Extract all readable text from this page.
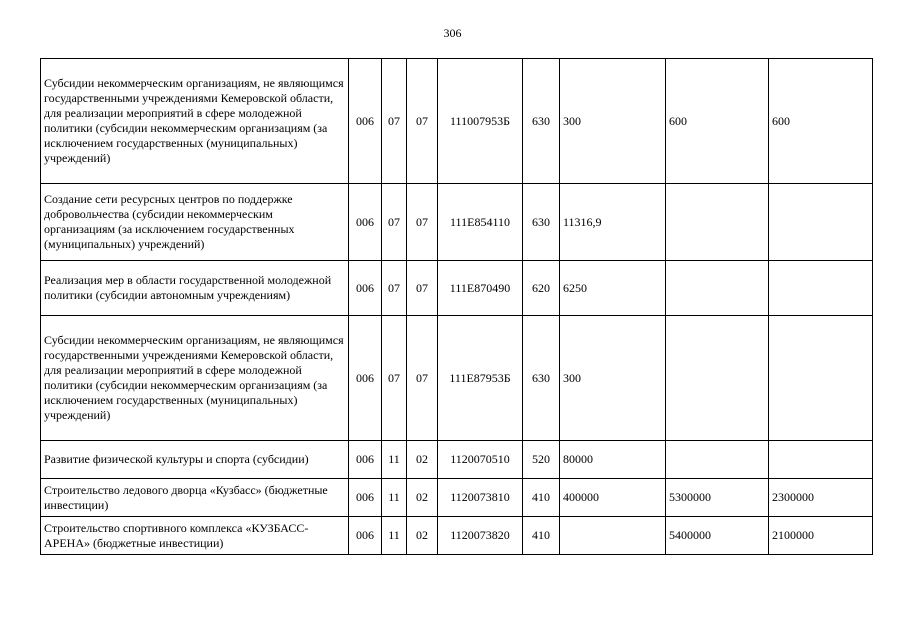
306
Субсидии некоммерческим организациям, не являющимся государственными учреждениями Кемеровской области, для реализации мероприятий в сфере молодежной политики (субсидии некоммерческим организациям (за исключением государственных (муниципальных) учреждений)	006	07	07	111007953Б	630	300	600	600
Создание сети ресурсных центров по поддержке добровольчества (субсидии некоммерческим организациям (за исключением государственных (муниципальных) учреждений)	006	07	07	111E854110	630	11316,9		
Реализация мер в области государственной молодежной политики (субсидии автономным учреждениям)	006	07	07	111E870490	620	6250		
Субсидии некоммерческим организациям, не являющимся государственными учреждениями Кемеровской области, для реализации мероприятий в сфере молодежной политики (субсидии некоммерческим организациям (за исключением государственных (муниципальных) учреждений)	006	07	07	111E87953Б	630	300		
Развитие физической культуры и спорта (субсидии)	006	11	02	1120070510	520	80000		
Строительство ледового дворца «Кузбасс» (бюджетные инвестиции)	006	11	02	1120073810	410	400000	5300000	2300000
Строительство спортивного комплекса «КУЗБАСС-АРЕНА» (бюджетные инвестиции)	006	11	02	1120073820	410		5400000	2100000
